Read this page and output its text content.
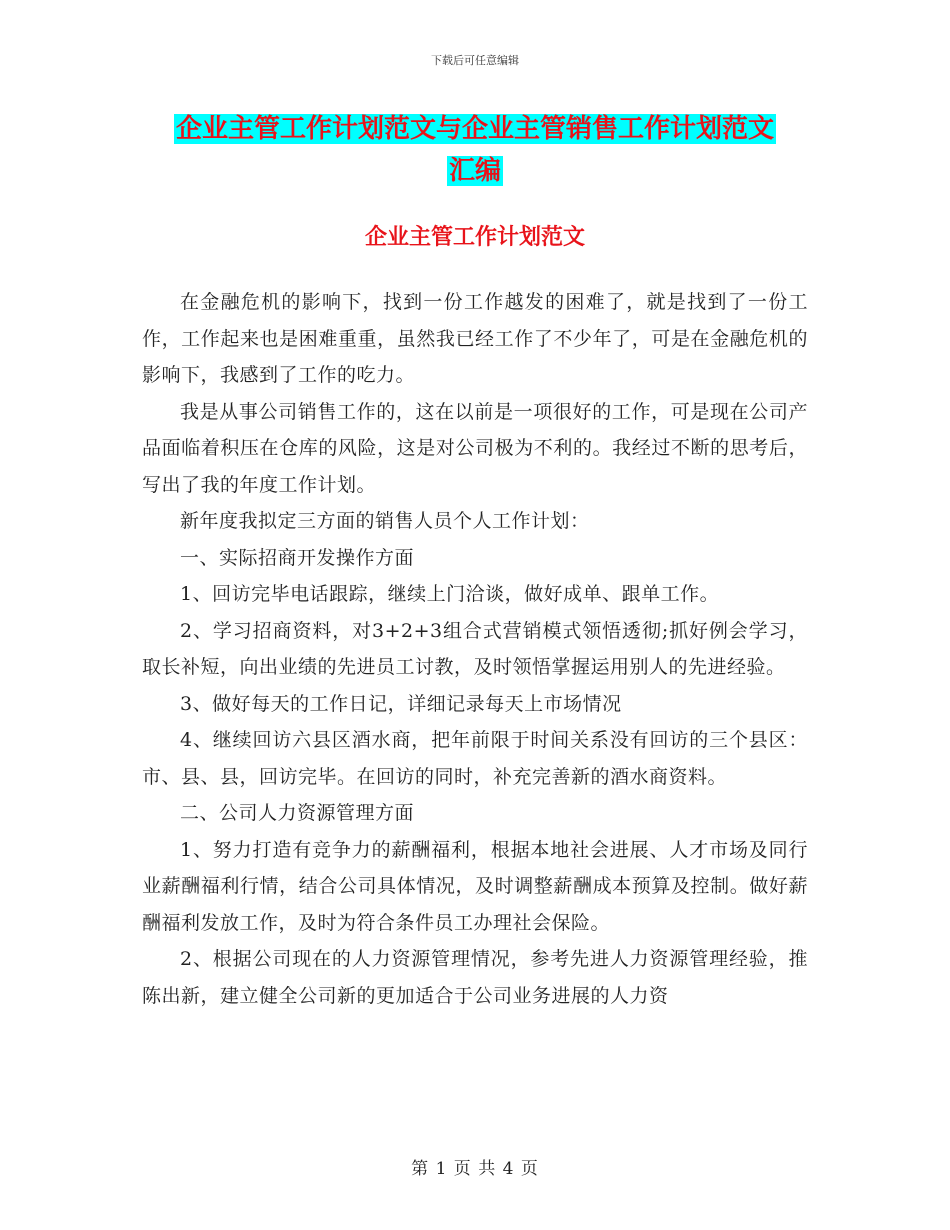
下载后可任意编辑
企业主管工作计划范文与企业主管销售工作计划范文
汇编
企业主管工作计划范文

在金融危机的影响下，找到一份工作越发的困难了，就是找到了一份工作，工作起来也是困难重重，虽然我已经工作了不少年了，可是在金融危机的影响下，我感到了工作的吃力。

我是从事公司销售工作的，这在以前是一项很好的工作，可是现在公司产品面临着积压在仓库的风险，这是对公司极为不利的。我经过不断的思考后，写出了我的年度工作计划。

新年度我拟定三方面的销售人员个人工作计划：

一、实际招商开发操作方面

1、回访完毕电话跟踪，继续上门洽谈，做好成单、跟单工作。

2、学习招商资料，对3+2+3组合式营销模式领悟透彻;抓好例会学习，取长补短，向出业绩的先进员工讨教，及时领悟掌握运用别人的先进经验。

3、做好每天的工作日记，详细记录每天上市场情况

4、继续回访六县区酒水商，把年前限于时间关系没有回访的三个县区：市、县、县，回访完毕。在回访的同时，补充完善新的酒水商资料。

二、公司人力资源管理方面

1、努力打造有竞争力的薪酬福利，根据本地社会进展、人才市场及同行业薪酬福利行情，结合公司具体情况，及时调整薪酬成本预算及控制。做好薪酬福利发放工作，及时为符合条件员工办理社会保险。

2、根据公司现在的人力资源管理情况，参考先进人力资源管理经验，推陈出新，建立健全公司新的更加适合于公司业务进展的人力资

第 1 页 共 4 页
